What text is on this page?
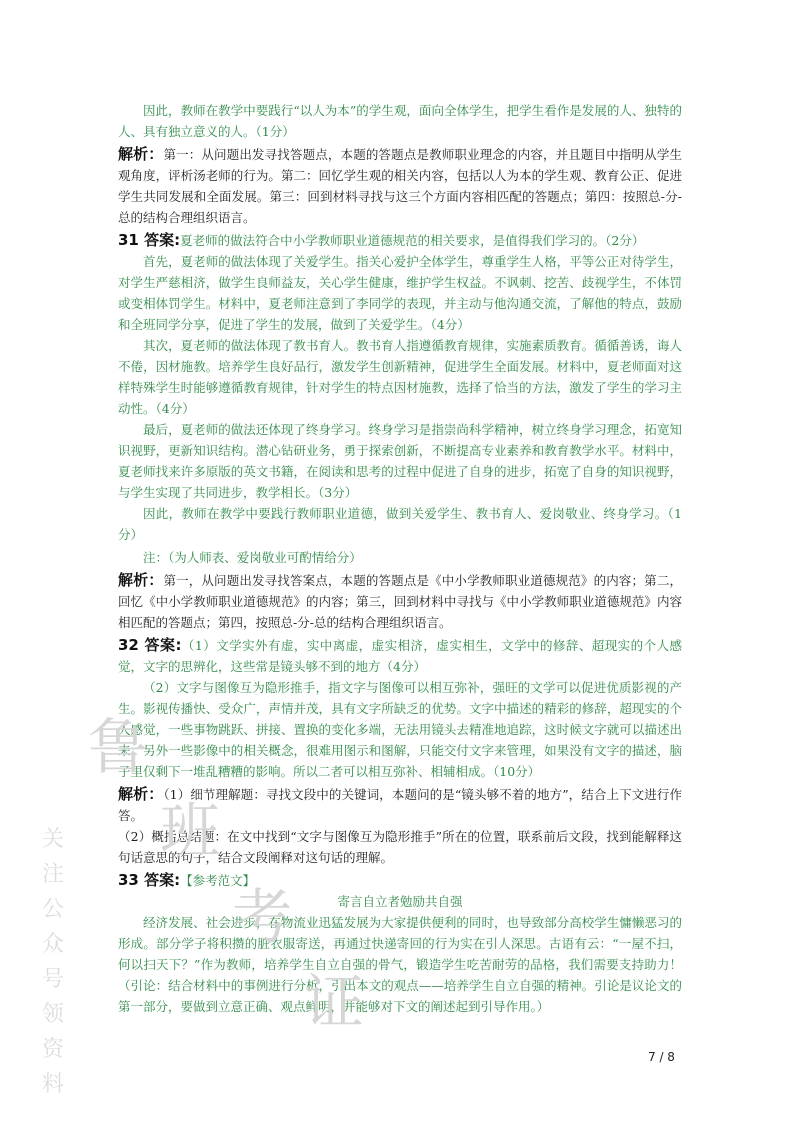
因此，教师在教学中要践行“以人为本”的学生观，面向全体学生，把学生看作是发展的人、独特的人、具有独立意义的人。（1分）

解析：第一：从问题出发寻找答题点，本题的答题点是教师职业理念的内容，并且题目中指明从学生观角度，评析汤老师的行为。第二：回忆学生观的相关内容，包括以人为本的学生观、教育公正、促进学生共同发展和全面发展。第三：回到材料寻找与这三个方面内容相匹配的答题点；第四：按照总-分-总的结构合理组织语言。

31 答案:夏老师的做法符合中小学教师职业道德规范的相关要求，是值得我们学习的。（2分）

首先，夏老师的做法体现了关爱学生。指关心爱护全体学生，尊重学生人格，平等公正对待学生，对学生严慈相济，做学生良师益友，关心学生健康，维护学生权益。不讽刺、挖苦、歧视学生，不体罚或变相体罚学生。材料中，夏老师注意到了李同学的表现，并主动与他沟通交流，了解他的特点，鼓励和全班同学分享，促进了学生的发展，做到了关爱学生。（4分）

其次，夏老师的做法体现了教书育人。教书育人指遵循教育规律，实施素质教育。循循善诱，诲人不倦，因材施教。培养学生良好品行，激发学生创新精神，促进学生全面发展。材料中，夏老师面对这样特殊学生时能够遵循教育规律，针对学生的特点因材施教，选择了恰当的方法，激发了学生的学习主动性。（4分）

最后，夏老师的做法还体现了终身学习。终身学习是指崇尚科学精神，树立终身学习理念，拓宽知识视野，更新知识结构。潜心钻研业务，勇于探索创新，不断提高专业素养和教育教学水平。材料中，夏老师找来许多原版的英文书籍，在阅读和思考的过程中促进了自身的进步，拓宽了自身的知识视野，与学生实现了共同进步，教学相长。（3分）

因此，教师在教学中要践行教师职业道德，做到关爱学生、教书育人、爱岗敬业、终身学习。（1分）

注：（为人师表、爱岗敬业可酌情给分）

解析：第一，从问题出发寻找答案点，本题的答题点是《中小学教师职业道德规范》的内容；第二，回忆《中小学教师职业道德规范》的内容；第三，回到材料中寻找与《中小学教师职业道德规范》内容相匹配的答题点；第四，按照总-分-总的结构合理组织语言。

32 答案:（1）文学实外有虚，实中离虚，虚实相济，虚实相生，文学中的修辞、超现实的个人感觉，文字的思辨化，这些常是镜头够不到的地方（4分）

（2）文字与图像互为隐形推手，指文字与图像可以相互弥补，强旺的文学可以促进优质影视的产生。影视传播快、受众广，声情并茂，具有文字所缺乏的优势。文字中描述的精彩的修辞，超现实的个人感觉，一些事物跳跃、拼接、置换的变化多端，无法用镜头去精准地追踪，这时候文字就可以描述出来；另外一些影像中的相关概念，很难用图示和图解，只能交付文字来管理，如果没有文字的描述，脑子里仅剩下一堆乱糟糟的影响。所以二者可以相互弥补、相辅相成。（10分）

解析：（1）细节理解题：寻找文段中的关键词，本题问的是“镜头够不着的地方”，结合上下文进行作答。

（2）概括总结题：在文中找到“文字与图像互为隐形推手”所在的位置，联系前后文段，找到能解释这句话意思的句子，结合文段阐释对这句话的理解。

33 答案:【参考范文】

寄言自立者勉励共自强

经济发展、社会进步，在物流业迅猛发展为大家提供便利的同时，也导致部分高校学生慵懒恶习的形成。部分学子将积攒的脏衣服寄送，再通过快递寄回的行为实在引人深思。古语有云：“一屋不扫，何以扫天下？”作为教师，培养学生自立自强的骨气，锻造学生吃苦耐劳的品格，我们需要支持助力！（引论：结合材料中的事例进行分析，引出本文的观点——培养学生自立自强的精神。引论是议论文的第一部分，要做到立意正确、观点鲜明，并能够对下文的阐述起到引导作用。）

鲁
班
考
证
关
注
公
众
号
领
资
料
7 / 8
